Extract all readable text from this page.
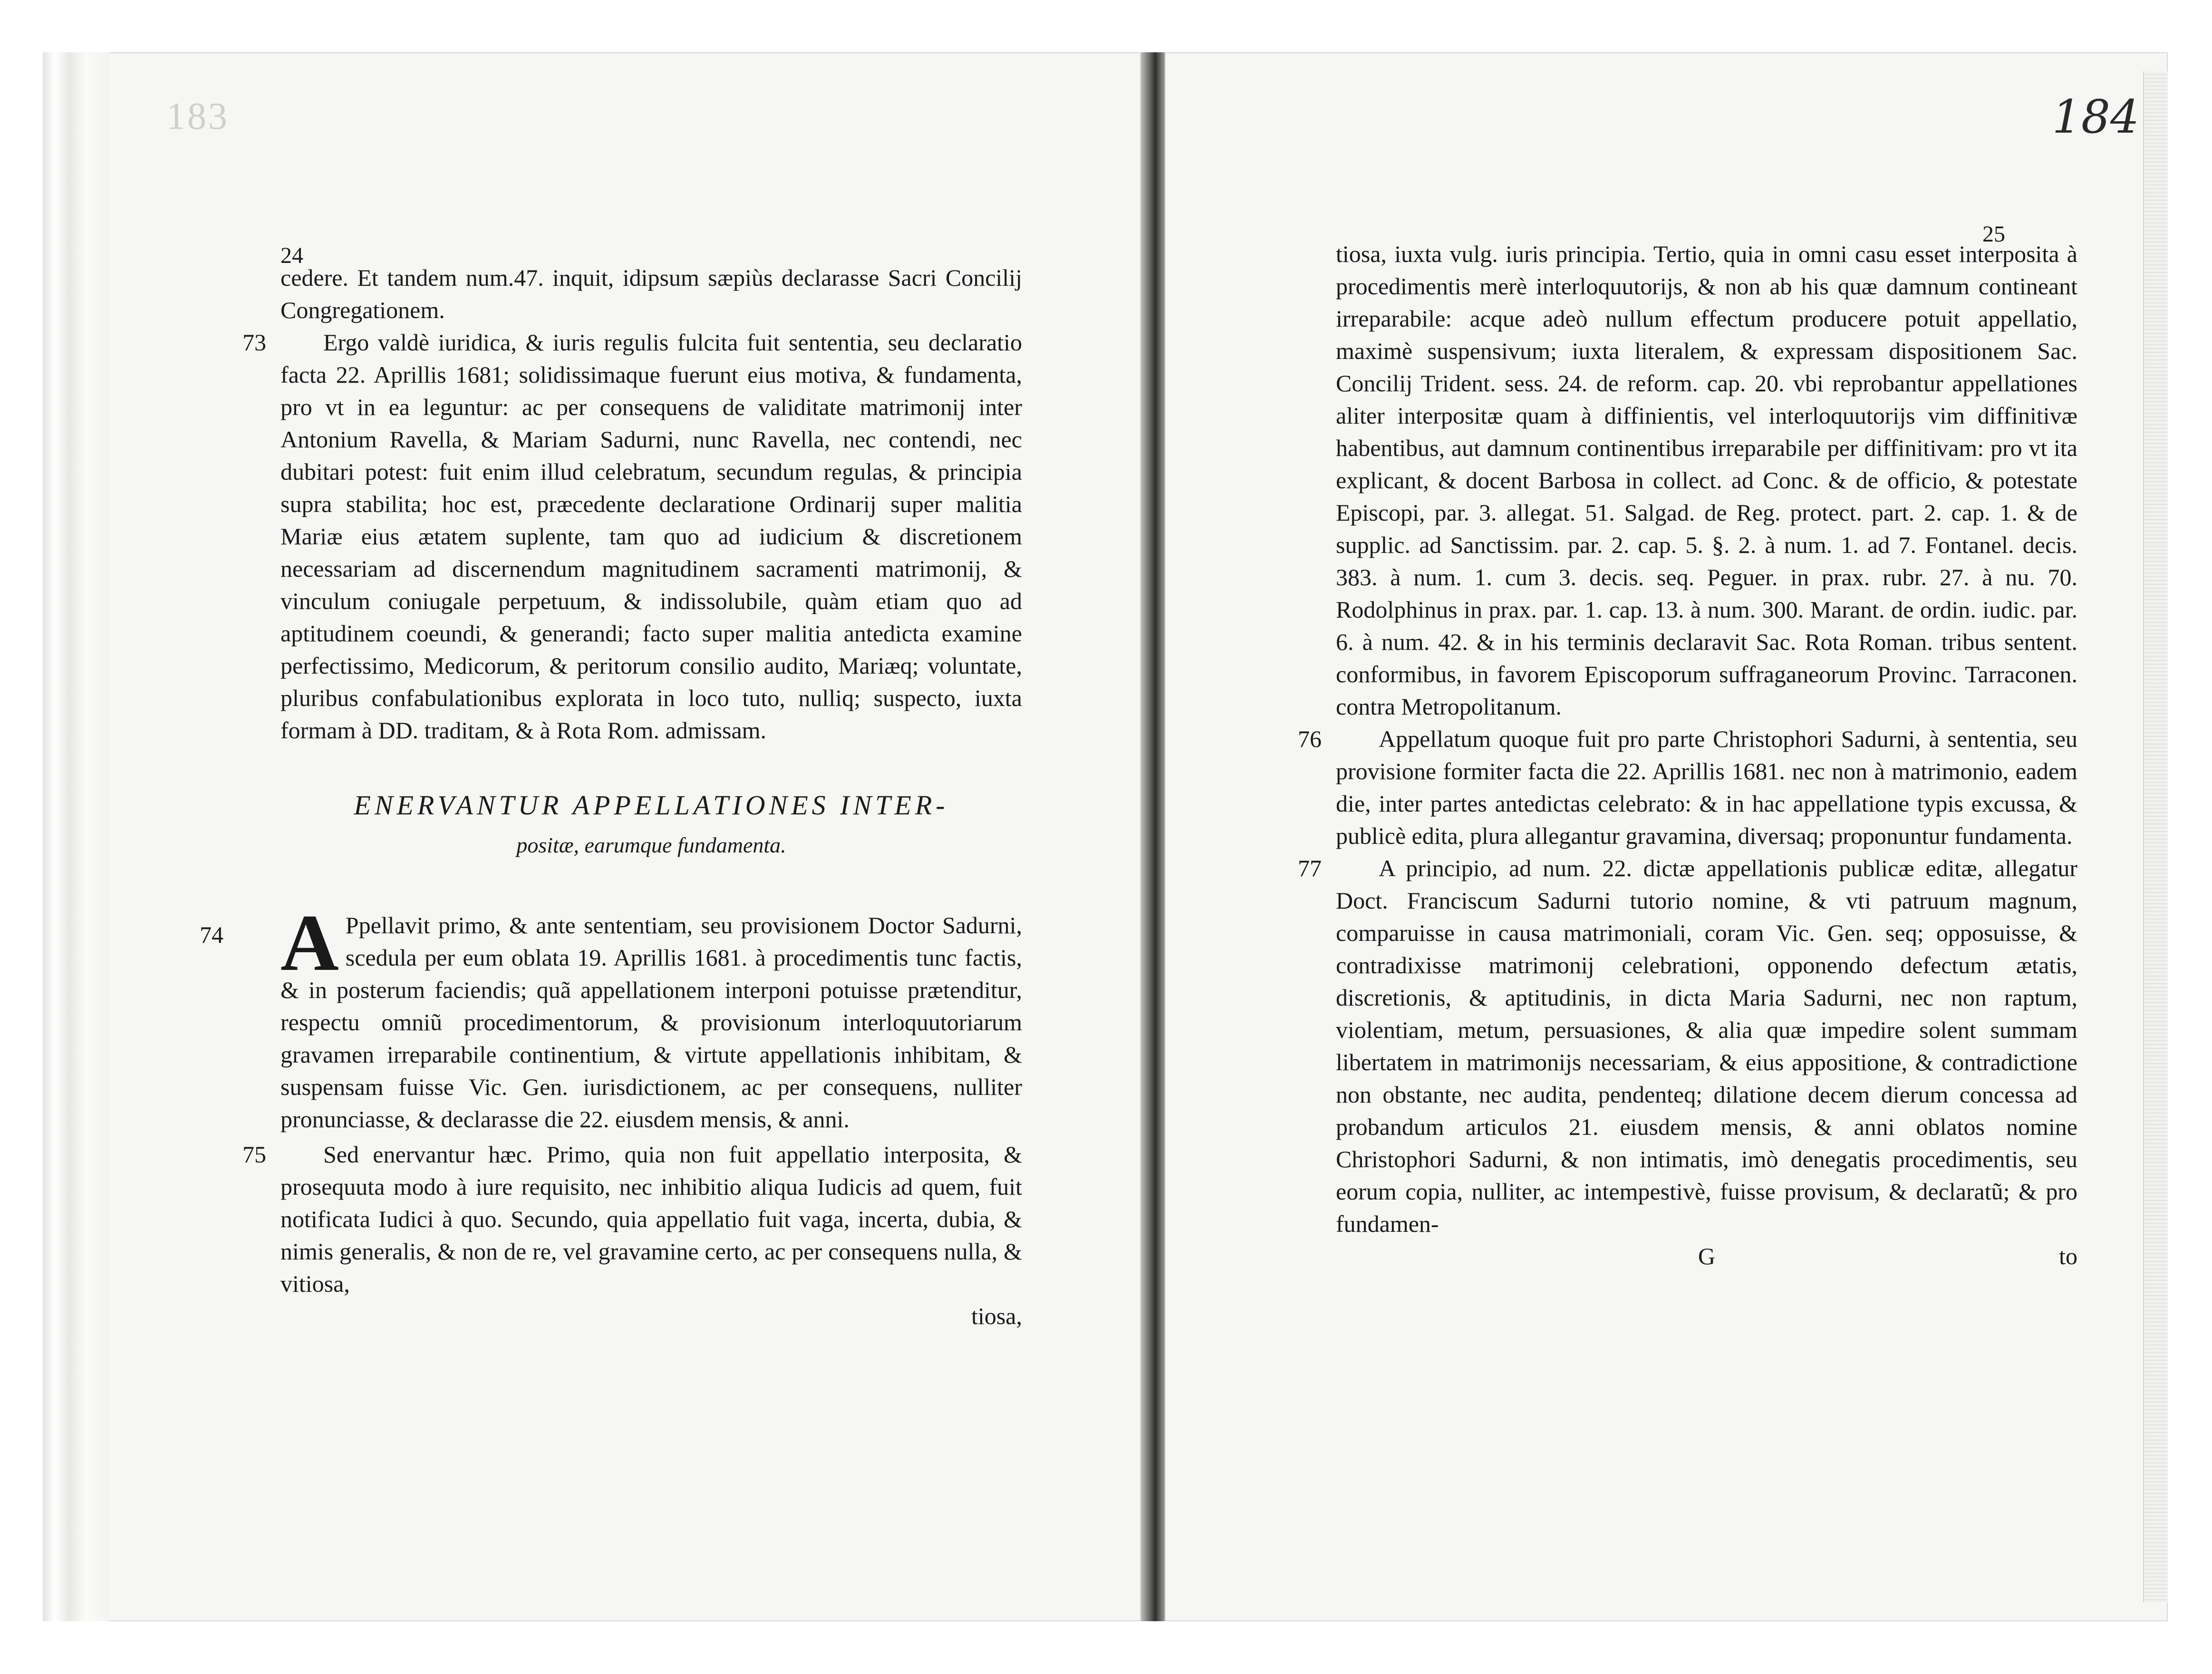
183
24

cedere. Et tandem num.47. inquit, idipsum sæpiùs declarasse Sacri Concilij Congregationem.

73 Ergo valdè iuridica, & iuris regulis fulcita fuit sententia, seu declaratio facta 22. Aprillis 1681; solidissimaque fuerunt eius motiva, & fundamenta, pro vt in ea leguntur: ac per consequens de validitate matrimonij inter Antonium Ravella, & Mariam Sadurni, nunc Ravella, nec contendi, nec dubitari potest: fuit enim illud celebratum, secundum regulas, & principia supra stabilita; hoc est, præcedente declaratione Ordinarij super malitia Mariæ eius ætatem suplente, tam quo ad iudicium & discretionem necessariam ad discernendum magnitudinem sacramenti matrimonij, & vinculum coniugale perpetuum, & indissolubile, quàm etiam quo ad aptitudinem coeundi, & generandi; facto super malitia antedicta examine perfectissimo, Medicorum, & peritorum consilio audito, Mariæq; voluntate, pluribus confabulationibus explorata in loco tuto, nulliq; suspecto, iuxta formam à DD. traditam, & à Rota Rom. admissam.

ENERVANTUR APPELLATIONES INTER-
positæ, earumque fundamenta.

74 A Ppellavit primo, & ante sententiam, seu provisionem Doctor Sadurni, scedula per eum oblata 19. Aprillis 1681. à procedimentis tunc factis, & in posterum faciendis; quã appellationem interponi potuisse prætenditur, respectu omniũ procedimentorum, & provisionum interloquutoriarum gravamen irreparabile continentium, & virtute appellationis inhibitam, & suspensam fuisse Vic. Gen. iurisdictionem, ac per consequens, nulliter pronunciasse, & declarasse die 22. eiusdem mensis, & anni.

75 Sed enervantur hæc. Primo, quia non fuit appellatio interposita, & prosequuta modo à iure requisito, nec inhibitio aliqua Iudicis ad quem, fuit notificata Iudici à quo. Secundo, quia appellatio fuit vaga, incerta, dubia, & nimis generalis, & non de re, vel gravamine certo, ac per consequens nulla, & vitiosa,

tiosa,
184
25

tiosa, iuxta vulg. iuris principia. Tertio, quia in omni casu esset interposita à procedimentis merè interloquutorijs, & non ab his quæ damnum contineant irreparabile: acque adeò nullum effectum producere potuit appellatio, maximè suspensivum; iuxta literalem, & expressam dispositionem Sac. Concilij Trident. sess. 24. de reform. cap. 20. vbi reprobantur appellationes aliter interpositæ quam à diffinientis, vel interloquutorijs vim diffinitivæ habentibus, aut damnum continentibus irreparabile per diffinitivam: pro vt ita explicant, & docent Barbosa in collect. ad Conc. & de officio, & potestate Episcopi, par. 3. allegat. 51. Salgad. de Reg. protect. part. 2. cap. 1. & de supplic. ad Sanctissim. par. 2. cap. 5. §. 2. à num. 1. ad 7. Fontanel. decis. 383. à num. 1. cum 3. decis. seq. Peguer. in prax. rubr. 27. à nu. 70. Rodolphinus in prax. par. 1. cap. 13. à num. 300. Marant. de ordin. iudic. par. 6. à num. 42. & in his terminis declaravit Sac. Rota Roman. tribus sentent. conformibus, in favorem Episcoporum suffraganeorum Provinc. Tarraconen. contra Metropolitanum.

76 Appellatum quoque fuit pro parte Christophori Sadurni, à sententia, seu provisione formiter facta die 22. Aprillis 1681. nec non à matrimonio, eadem die, inter partes antedictas celebrato: & in hac appellatione typis excussa, & publicè edita, plura allegantur gravamina, diversaq; proponuntur fundamenta.

77 A principio, ad num. 22. dictæ appellationis publicæ editæ, allegatur Doct. Franciscum Sadurni tutorio nomine, & vti patruum magnum, comparuisse in causa matrimoniali, coram Vic. Gen. seq; opposuisse, & contradixisse matrimonij celebrationi, opponendo defectum ætatis, discretionis, & aptitudinis, in dicta Maria Sadurni, nec non raptum, violentiam, metum, persuasiones, & alia quæ impedire solent summam libertatem in matrimonijs necessariam, & eius appositione, & contradictione non obstante, nec audita, pendenteq; dilatione decem dierum concessa ad probandum articulos 21. eiusdem mensis, & anni oblatos nomine Christophori Sadurni, & non intimatis, imò denegatis procedimentis, seu eorum copia, nulliter, ac intempestivè, fuisse provisum, & declaratũ; & pro fundamen-

G	to
